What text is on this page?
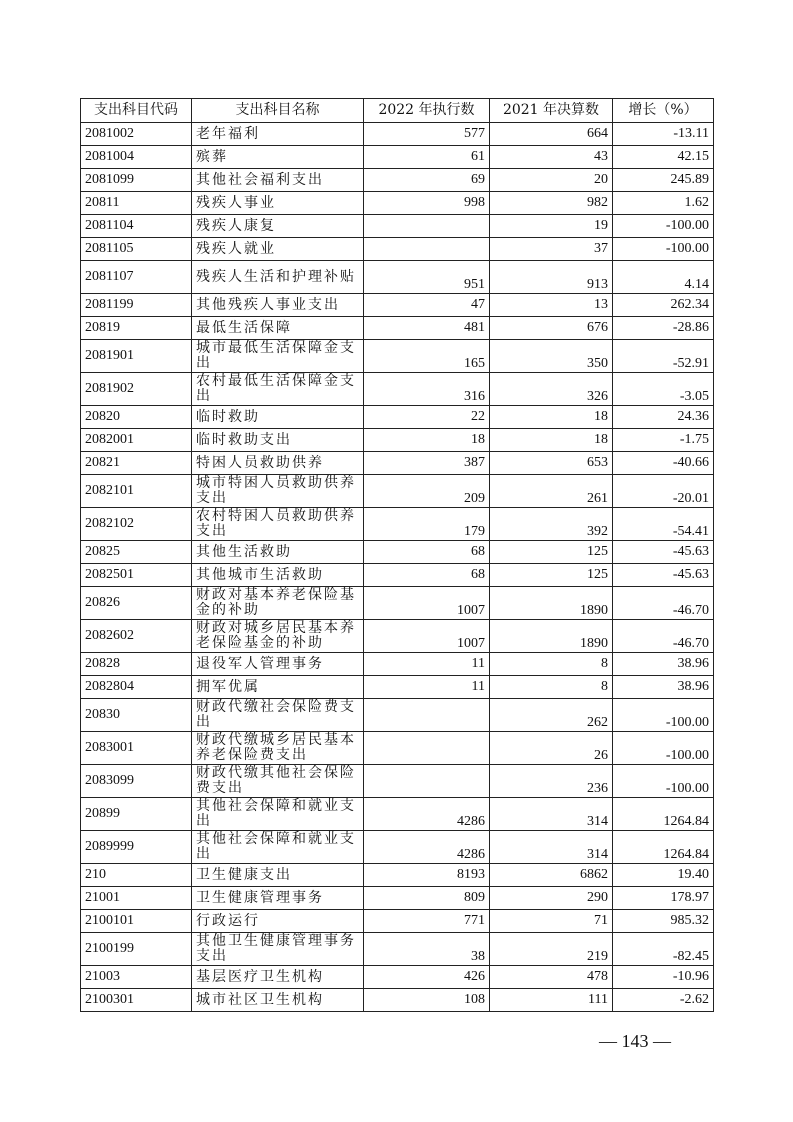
支出科目代码	支出科目名称	2022 年执行数	2021 年决算数	增长（%）
2081002	老年福利	577	664	-13.11
2081004	殡葬	61	43	42.15
2081099	其他社会福利支出	69	20	245.89
20811	残疾人事业	998	982	1.62
2081104	残疾人康复		19	-100.00
2081105	残疾人就业		37	-100.00
2081107	残疾人生活和护理补贴	951	913	4.14
2081199	其他残疾人事业支出	47	13	262.34
20819	最低生活保障	481	676	-28.86
2081901	城市最低生活保障金支出	165	350	-52.91
2081902	农村最低生活保障金支出	316	326	-3.05
20820	临时救助	22	18	24.36
2082001	临时救助支出	18	18	-1.75
20821	特困人员救助供养	387	653	-40.66
2082101	城市特困人员救助供养支出	209	261	-20.01
2082102	农村特困人员救助供养支出	179	392	-54.41
20825	其他生活救助	68	125	-45.63
2082501	其他城市生活救助	68	125	-45.63
20826	财政对基本养老保险基金的补助	1007	1890	-46.70
2082602	财政对城乡居民基本养老保险基金的补助	1007	1890	-46.70
20828	退役军人管理事务	11	8	38.96
2082804	拥军优属	11	8	38.96
20830	财政代缴社会保险费支出		262	-100.00
2083001	财政代缴城乡居民基本养老保险费支出		26	-100.00
2083099	财政代缴其他社会保险费支出		236	-100.00
20899	其他社会保障和就业支出	4286	314	1264.84
2089999	其他社会保障和就业支出	4286	314	1264.84
210	卫生健康支出	8193	6862	19.40
21001	卫生健康管理事务	809	290	178.97
2100101	行政运行	771	71	985.32
2100199	其他卫生健康管理事务支出	38	219	-82.45
21003	基层医疗卫生机构	426	478	-10.96
2100301	城市社区卫生机构	108	111	-2.62
— 143 —
